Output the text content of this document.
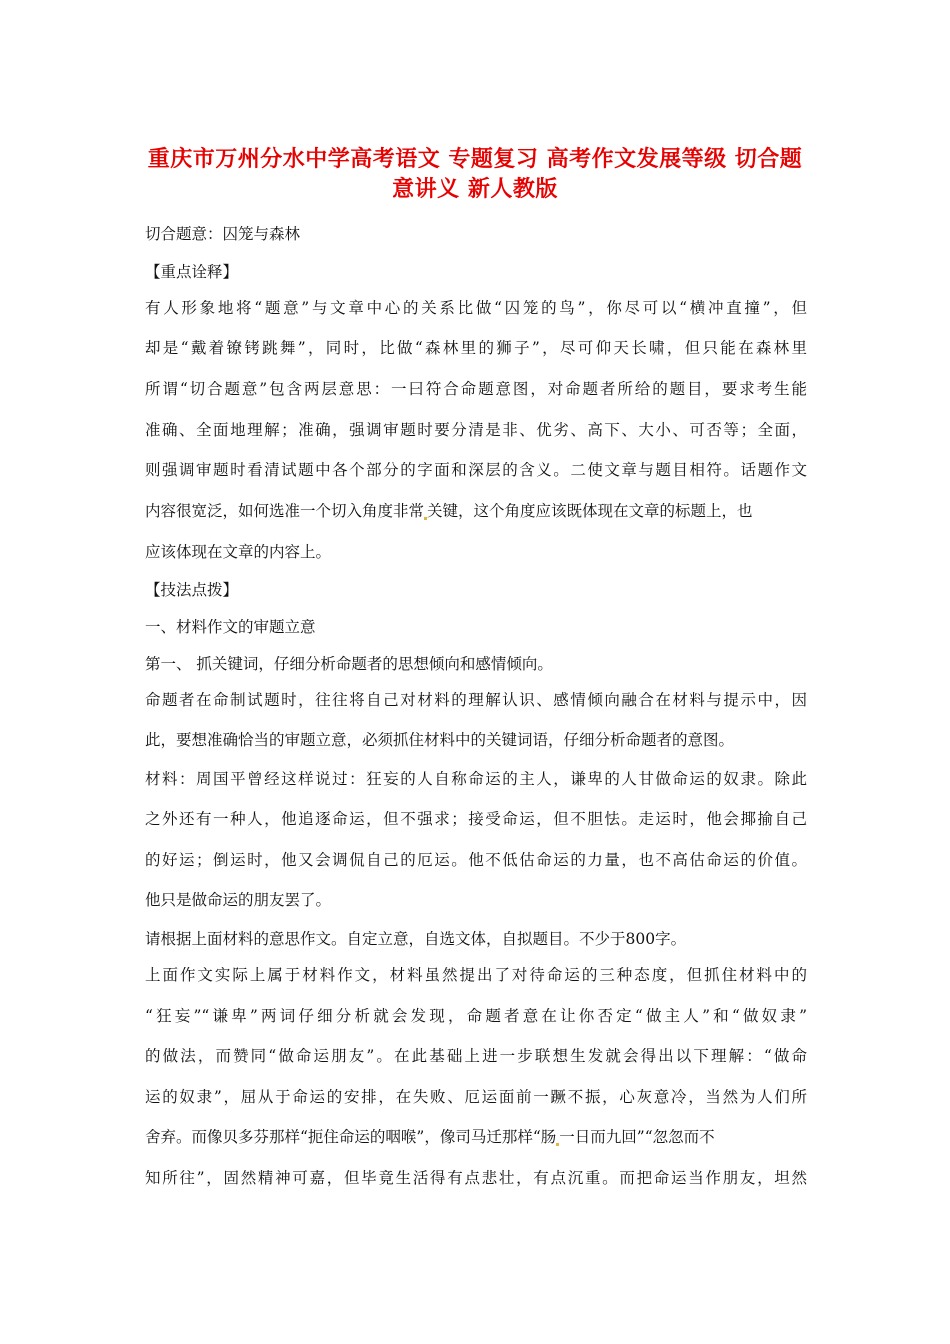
重庆市万州分水中学高考语文 专题复习 高考作文发展等级 切合题意讲义 新人教版
切合题意：囚笼与森林
【重点诠释】
有人形象地将“题意”与文章中心的关系比做“囚笼的鸟”，你尽可以“横冲直撞”，但
却是“戴着镣铐跳舞”，同时，比做“森林里的狮子”，尽可仰天长啸，但只能在森林里
所谓“切合题意”包含两层意思：一曰符合命题意图，对命题者所给的题目，要求考生能
准确、全面地理解；准确，强调审题时要分清是非、优劣、高下、大小、可否等；全面，
则强调审题时看清试题中各个部分的字面和深层的含义。二使文章与题目相符。话题作文
内容很宽泛，如何选准一个切入角度非常 关键，这个角度应该既体现在文章的标题上，也
应该体现在文章的内容上。
【技法点拨】
一、材料作文的审题立意
第一、 抓关键词，仔细分析命题者的思想倾向和感情倾向。
命题者在命制试题时，往往将自己对材料的理解认识、感情倾向融合在材料与提示中，因
此，要想准确恰当的审题立意，必须抓住材料中的关键词语，仔细分析命题者的意图。
材料：周国平曾经这样说过：狂妄的人自称命运的主人，谦卑的人甘做命运的奴隶。除此
之外还有一种人，他追逐命运，但不强求；接受命运，但不胆怯。走运时，他会揶揄自己
的好运；倒运时，他又会调侃自己的厄运。他不低估命运的力量，也不高估命运的价值。
他只是做命运的朋友罢了。
请根据上面材料的意思作文。自定立意，自选文体，自拟题目。不少于800字。
上面作文实际上属于材料作文，材料虽然提出了对待命运的三种态度，但抓住材料中的
“狂妄”“谦卑”两词仔细分析就会发现，命题者意在让你否定“做主人”和“做奴隶”
的做法，而赞同“做命运朋友”。在此基础上进一步联想生发就会得出以下理解：“做命
运的奴隶”，屈从于命运的安排，在失败、厄运面前一蹶不振，心灰意冷，当然为人们所
舍弃。而像贝多芬那样“扼住命运的咽喉”，像司马迁那样“肠 一日而九回”“忽忽而不
知所往”，固然精神可嘉，但毕竟生活得有点悲壮，有点沉重。而把命运当作朋友，坦然
